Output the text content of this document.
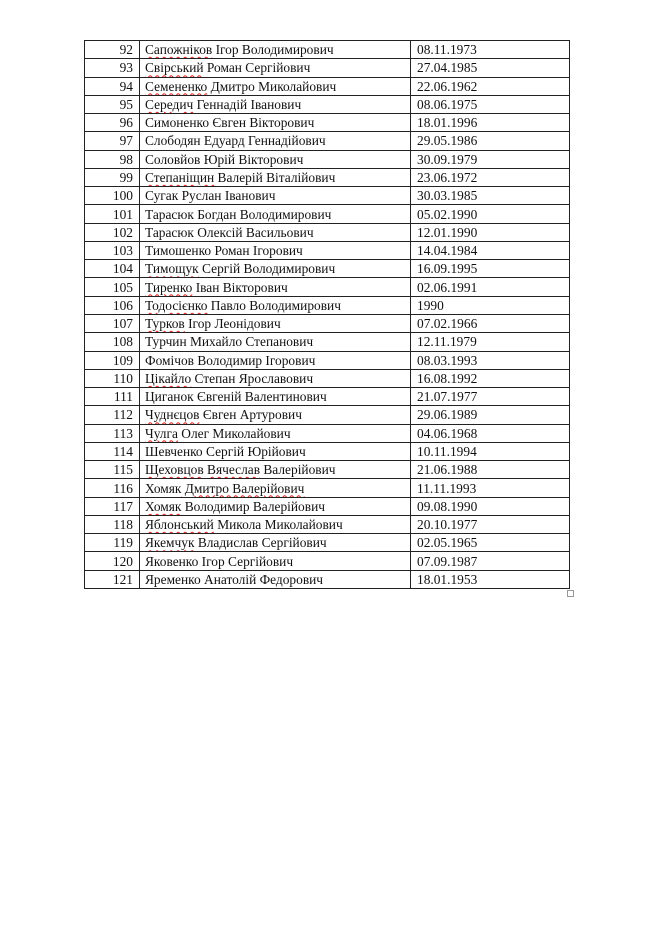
92	Сапожніков Ігор Володимирович	08.11.1973
93	Свірський Роман Сергійович	27.04.1985
94	Семененко Дмитро Миколайович	22.06.1962
95	Середич Геннадій Іванович	08.06.1975
96	Симоненко Євген Вікторович	18.01.1996
97	Слободян Едуард Геннадійович	29.05.1986
98	Соловйов Юрій Вікторович	30.09.1979
99	Степаніщин Валерій Віталійович	23.06.1972
100	Сугак Руслан Іванович	30.03.1985
101	Тарасюк Богдан Володимирович	05.02.1990
102	Тарасюк Олексій Васильович	12.01.1990
103	Тимошенко Роман Ігорович	14.04.1984
104	Тимощук Сергій Володимирович	16.09.1995
105	Тиренко Іван Вікторович	02.06.1991
106	Тодосієнко Павло Володимирович	1990
107	Турков Ігор Леонідович	07.02.1966
108	Турчин Михайло Степанович	12.11.1979
109	Фомічов Володимир Ігорович	08.03.1993
110	Цікайло Степан Ярославович	16.08.1992
111	Циганок Євгеній Валентинович	21.07.1977
112	Чуднєцов Євген Артурович	29.06.1989
113	Чулга Олег Миколайович	04.06.1968
114	Шевченко Сергій Юрійович	10.11.1994
115	Щеховцов Вячеслав Валерійович	21.06.1988
116	Хомяк Дмитро Валерійович	11.11.1993
117	Хомяк Володимир Валерійович	09.08.1990
118	Яблонський Микола Миколайович	20.10.1977
119	Якемчук Владислав Сергійович	02.05.1965
120	Яковенко Ігор Сергійович	07.09.1987
121	Яременко Анатолій Федорович	18.01.1953
